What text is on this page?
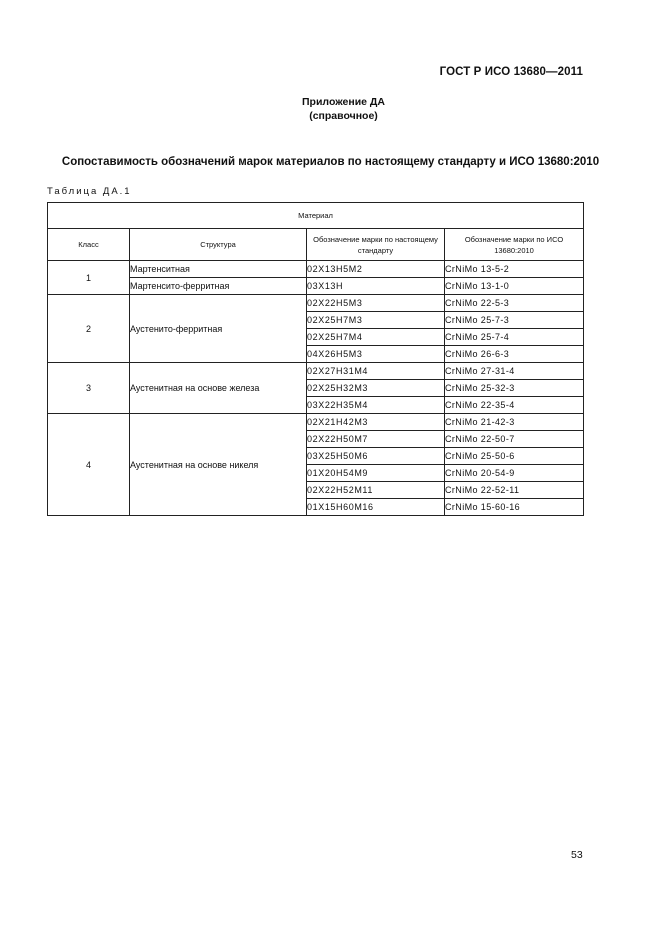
ГОСТ Р ИСО 13680—2011
Приложение ДА
(справочное)
Сопоставимость обозначений марок материалов по настоящему стандарту и ИСО 13680:2010
Таблица ДА.1
Материал			
Класс	Структура	Обозначение марки по настоящему стандарту	Обозначение марки по ИСО 13680:2010
1	Мартенситная	02Х13Н5М2	CrNiMo 13-5-2
	Мартенсито-ферритная	03Х13Н	CrNiMo 13-1-0
2	Аустенито-ферритная	02Х22Н5М3	CrNiMo 22-5-3
		02Х25Н7М3	CrNiMo 25-7-3
		02Х25Н7М4	CrNiMo 25-7-4
		04Х26Н5М3	CrNiMo 26-6-3
3	Аустенитная на основе железа	02Х27Н31М4	CrNiMo 27-31-4
		02Х25Н32М3	CrNiMo 25-32-3
		03Х22Н35М4	CrNiMo 22-35-4
4	Аустенитная на основе никеля	02Х21Н42М3	CrNiMo 21-42-3
		02Х22Н50М7	CrNiMo 22-50-7
		03Х25Н50М6	CrNiMo 25-50-6
		01Х20Н54М9	CrNiMo 20-54-9
		02Х22Н52М11	CrNiMo 22-52-11
		01Х15Н60М16	CrNiMo 15-60-16
53
